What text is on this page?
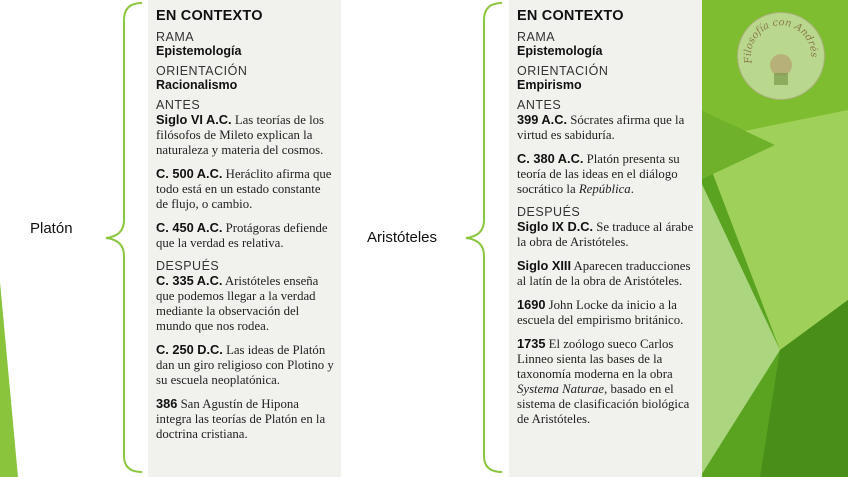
Platón
Aristóteles
EN CONTEXTO
RAMA
Epistemología
ORIENTACIÓN
Racionalismo
ANTES
Siglo VI A.C. Las teorías de los filósofos de Mileto explican la naturaleza y materia del cosmos.
C. 500 A.C. Heráclito afirma que todo está en un estado constante de flujo, o cambio.
C. 450 A.C. Protágoras defiende que la verdad es relativa.
DESPUÉS
C. 335 A.C. Aristóteles enseña que podemos llegar a la verdad mediante la observación del mundo que nos rodea.
C. 250 D.C. Las ideas de Platón dan un giro religioso con Plotino y su escuela neoplatónica.
386 San Agustín de Hipona integra las teorías de Platón en la doctrina cristiana.
EN CONTEXTO
RAMA
Epistemología
ORIENTACIÓN
Empirismo
ANTES
399 A.C. Sócrates afirma que la virtud es sabiduría.
C. 380 A.C. Platón presenta su teoría de las ideas en el diálogo socrático la República.
DESPUÉS
Siglo IX D.C. Se traduce al árabe la obra de Aristóteles.
Siglo XIII Aparecen traducciones al latín de la obra de Aristóteles.
1690 John Locke da inicio a la escuela del empirismo británico.
1735 El zoólogo sueco Carlos Linneo sienta las bases de la taxonomía moderna en la obra Systema Naturae, basado en el sistema de clasificación biológica de Aristóteles.
Filosofía con Andrés
